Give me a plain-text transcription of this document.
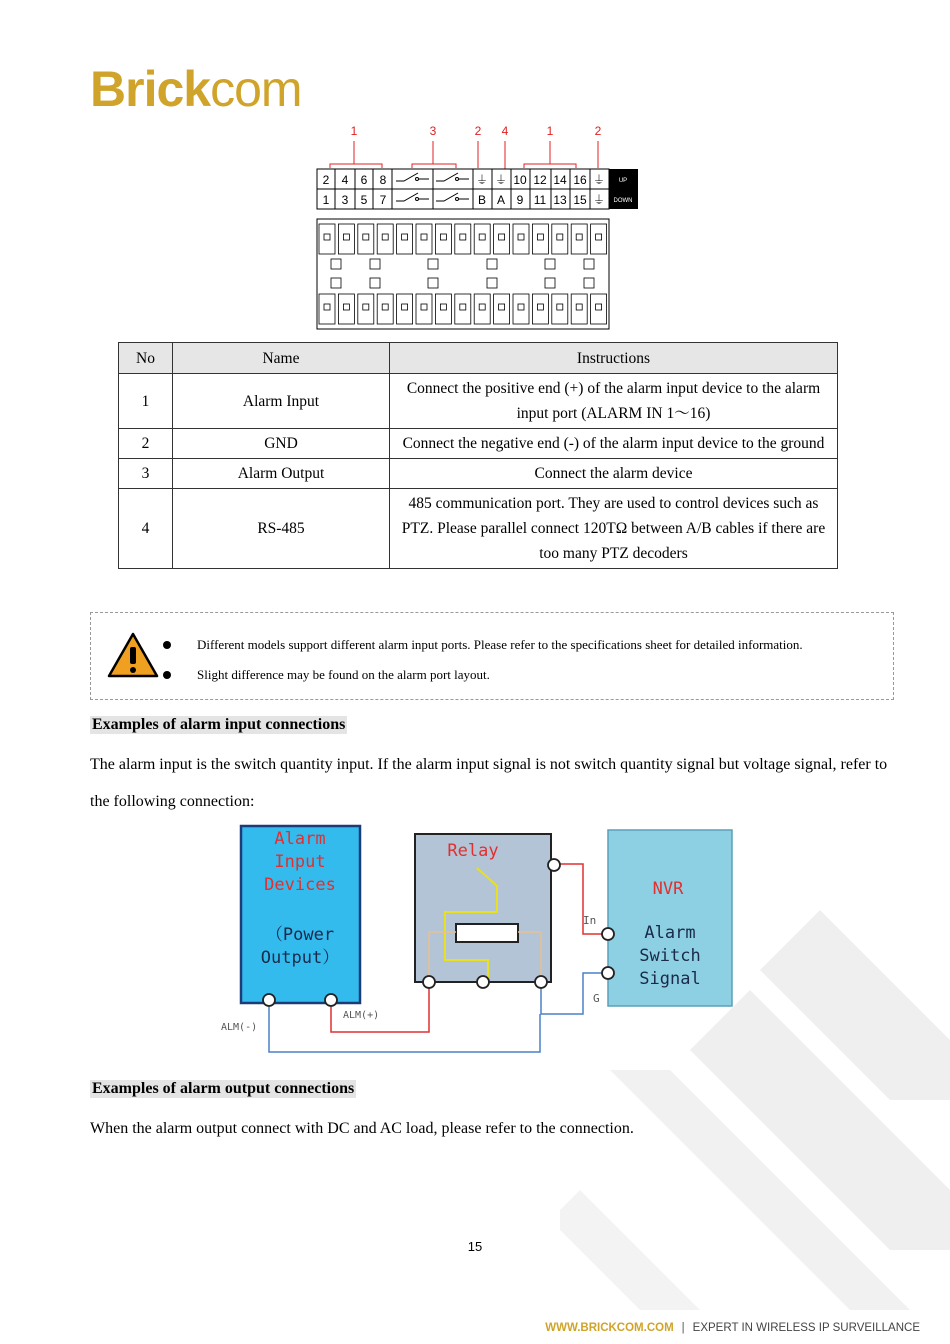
Brickcom
1	3	2 4	1	2
2 4 6 8	⏚ ⏚ 10 12 14 16 ⏚
1 3 5 7	B A 9 11 13 15 ⏚
UP
DOWN
No	Name	Instructions
1	Alarm Input	Connect the positive end (+) of the alarm input device to the alarm input port (ALARM IN 1～16)
2	GND	Connect the negative end (-) of the alarm input device to the ground
3	Alarm Output	Connect the alarm device
4	RS-485	485 communication port. They are used to control devices such as PTZ. Please parallel connect 120TΩ between A/B cables if there are too many PTZ decoders
Different models support different alarm input ports. Please refer to the specifications sheet for detailed information.
Slight difference may be found on the alarm port layout.
Examples of alarm input connections
The alarm input is the switch quantity input. If the alarm input signal is not switch quantity signal but voltage signal, refer to the following connection:
Alarm
Input
Devices
（Power
Output）
Relay
NVR
Alarm
Switch
Signal
In
G
ALM(-)
ALM(+)
Examples of alarm output connections
When the alarm output connect with DC and AC load, please refer to the connection.
15
WWW.BRICKCOM.COM | EXPERT IN WIRELESS IP SURVEILLANCE
